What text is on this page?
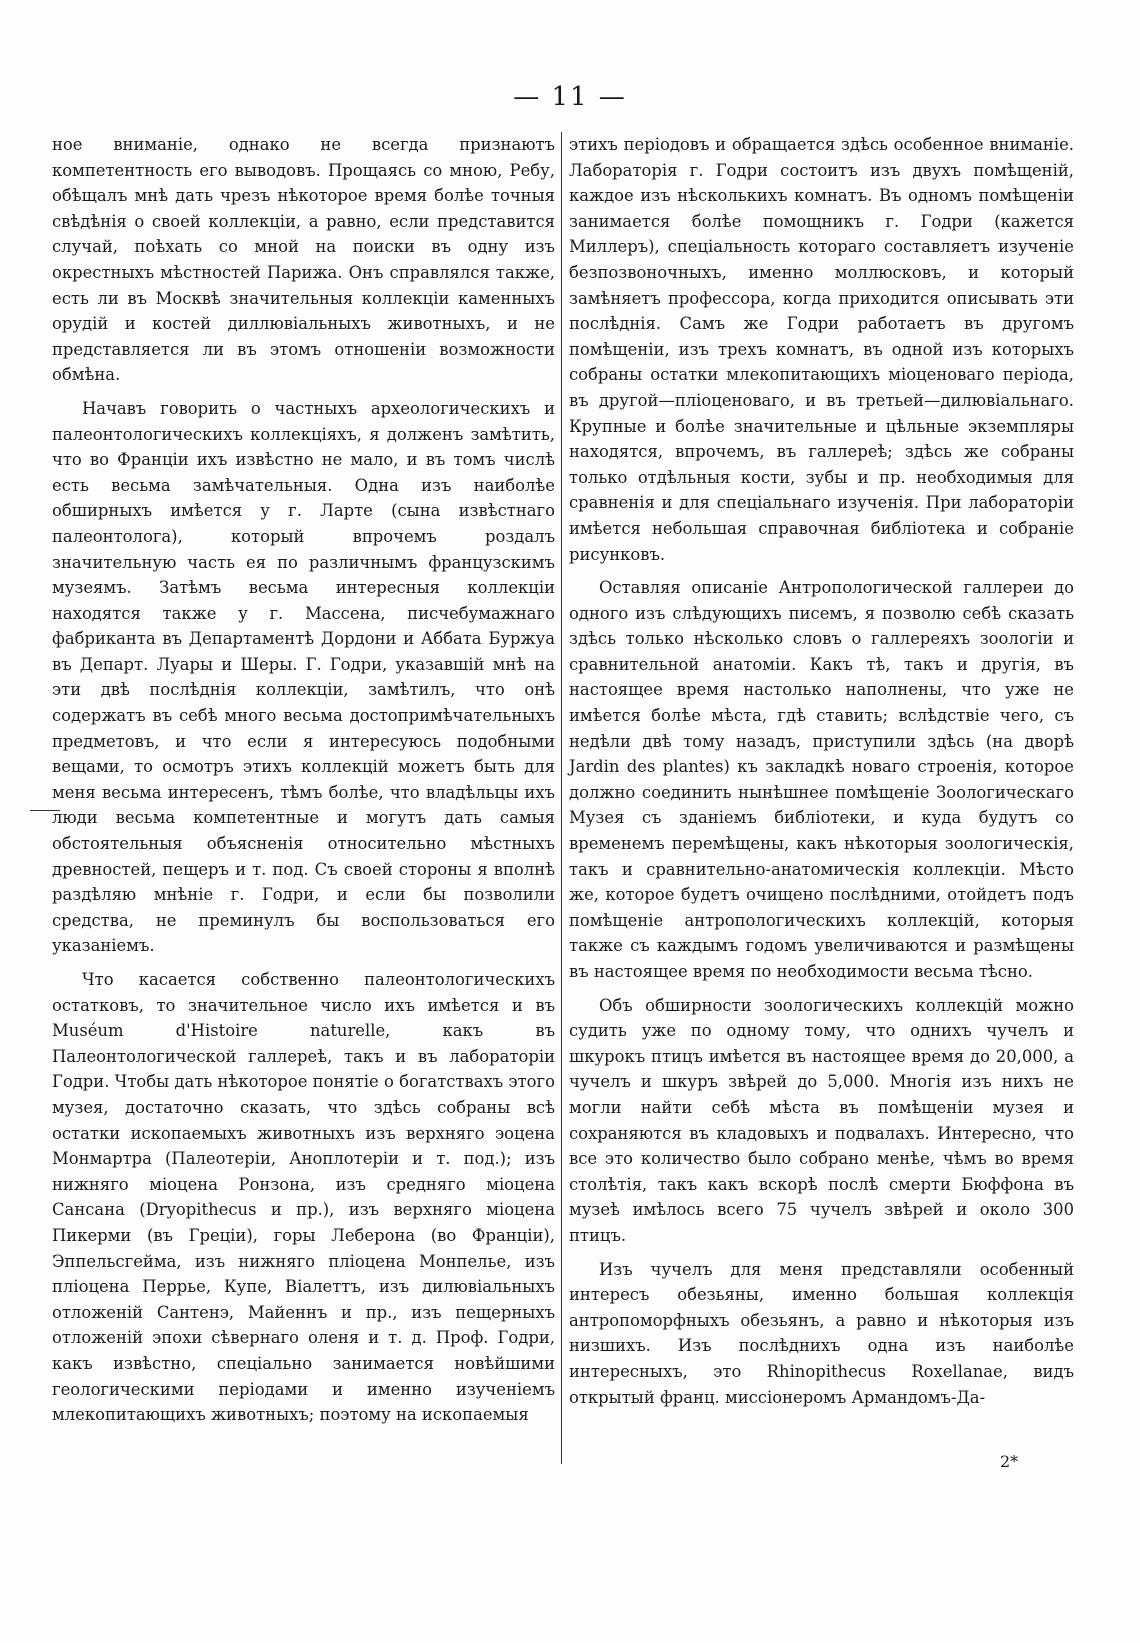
— 11 —

ное вниманіе, однако не всегда признаютъ компетентность его выводовъ. Прощаясь со мною, Ребу, обѣщалъ мнѣ дать чрезъ нѣкоторое время болѣе точныя свѣдѣнія о своей коллекціи, а равно, если представится случай, поѣхать со мной на поиски въ одну изъ окрестныхъ мѣстностей Парижа. Онъ справлялся также, есть ли въ Москвѣ значительныя коллекціи каменныхъ орудій и костей диллювіальныхъ животныхъ, и не представляется ли въ этомъ отношеніи возможности обмѣна.

Начавъ говорить о частныхъ археологическихъ и палеонтологическихъ коллекціяхъ, я долженъ замѣтить, что во Франціи ихъ извѣстно не мало, и въ томъ числѣ есть весьма замѣчательныя. Одна изъ наиболѣе обширныхъ имѣется у г. Ларте (сына извѣстнаго палеонтолога), который впрочемъ роздалъ значительную часть ея по различнымъ французскимъ музеямъ. Затѣмъ весьма интересныя коллекціи находятся также у г. Массена, писчебумажнаго фабриканта въ Департаментѣ Дордони и Аббата Буржуа въ Департ. Луары и Шеры. Г. Годри, указавшій мнѣ на эти двѣ послѣднія коллекціи, замѣтилъ, что онѣ содержатъ въ себѣ много весьма достопримѣчательныхъ предметовъ, и что если я интересуюсь подобными вещами, то осмотръ этихъ коллекцій можетъ быть для меня весьма интересенъ, тѣмъ болѣе, что владѣльцы ихъ люди весьма компетентные и могутъ дать самыя обстоятельныя объясненія относительно мѣстныхъ древностей, пещеръ и т. под. Съ своей стороны я вполнѣ раздѣляю мнѣніе г. Годри, и если бы позволили средства, не преминулъ бы воспользоваться его указаніемъ.

Что касается собственно палеонтологическихъ остатковъ, то значительное число ихъ имѣется и въ Muséum d'Histoire naturelle, какъ въ Палеонтологической галлереѣ, такъ и въ лабораторіи Годри. Чтобы дать нѣкоторое понятіе о богатствахъ этого музея, достаточно сказать, что здѣсь собраны всѣ остатки ископаемыхъ животныхъ изъ верхняго эоцена Монмартра (Палеотеріи, Аноплотеріи и т. под.); изъ нижняго міоцена Ронзона, изъ средняго міоцена Сансана (Dryopithecus и пр.), изъ верхняго міоцена Пикерми (въ Греціи), горы Леберона (во Франціи), Эппельсгейма, изъ нижняго пліоцена Монпелье, изъ пліоцена Перрье, Купе, Віалеттъ, изъ дилювіальныхъ отложеній Сантенэ, Майеннъ и пр., изъ пещерныхъ отложеній эпохи сѣвернаго оленя и т. д. Проф. Годри, какъ извѣстно, спеціально занимается новѣйшими геологическими періодами и именно изученіемъ млекопитающихъ животныхъ; поэтому на ископаемыя

этихъ періодовъ и обращается здѣсь особенное вниманіе. Лабораторія г. Годри состоитъ изъ двухъ помѣщеній, каждое изъ нѣсколькихъ комнатъ. Въ одномъ помѣщеніи занимается болѣе помощникъ г. Годри (кажется Миллеръ), спеціальность котораго составляетъ изученіе безпозвоночныхъ, именно моллюсковъ, и который замѣняетъ профессора, когда приходится описывать эти послѣднія. Самъ же Годри работаетъ въ другомъ помѣщеніи, изъ трехъ комнатъ, въ одной изъ которыхъ собраны остатки млекопитающихъ міоценоваго періода, въ другой—пліоценоваго, и въ третьей—дилювіальнаго. Крупные и болѣе значительные и цѣльные экземпляры находятся, впрочемъ, въ галлереѣ; здѣсь же собраны только отдѣльныя кости, зубы и пр. необходимыя для сравненія и для спеціальнаго изученія. При лабораторіи имѣется небольшая справочная библіотека и собраніе рисунковъ.

Оставляя описаніе Антропологической галлереи до одного изъ слѣдующихъ писемъ, я позволю себѣ сказать здѣсь только нѣсколько словъ о галлереяхъ зоологіи и сравнительной анатоміи. Какъ тѣ, такъ и другія, въ настоящее время настолько наполнены, что уже не имѣется болѣе мѣста, гдѣ ставить; вслѣдствіе чего, съ недѣли двѣ тому назадъ, приступили здѣсь (на дворѣ Jardin des plantes) къ закладкѣ новаго строенія, которое должно соединить нынѣшнее помѣщеніе Зоологическаго Музея съ зданіемъ библіотеки, и куда будутъ со временемъ перемѣщены, какъ нѣкоторыя зоологическія, такъ и сравнительно-анатомическія коллекціи. Мѣсто же, которое будетъ очищено послѣдними, отойдетъ подъ помѣщеніе антропологическихъ коллекцій, которыя также съ каждымъ годомъ увеличиваются и размѣщены въ настоящее время по необходимости весьма тѣсно.

Объ обширности зоологическихъ коллекцій можно судить уже по одному тому, что однихъ чучелъ и шкурокъ птицъ имѣется въ настоящее время до 20,000, а чучелъ и шкуръ звѣрей до 5,000. Многія изъ нихъ не могли найти себѣ мѣста въ помѣщеніи музея и сохраняются въ кладовыхъ и подвалахъ. Интересно, что все это количество было собрано менѣе, чѣмъ во время столѣтія, такъ какъ вскорѣ послѣ смерти Бюффона въ музеѣ имѣлось всего 75 чучелъ звѣрей и около 300 птицъ.

Изъ чучелъ для меня представляли особенный интересъ обезьяны, именно большая коллекція антропоморфныхъ обезьянъ, а равно и нѣкоторыя изъ низшихъ. Изъ послѣднихъ одна изъ наиболѣе интересныхъ, это Rhinopithecus Roxellanae, видъ открытый франц. миссіонеромъ Армандомъ-Да-

2*
